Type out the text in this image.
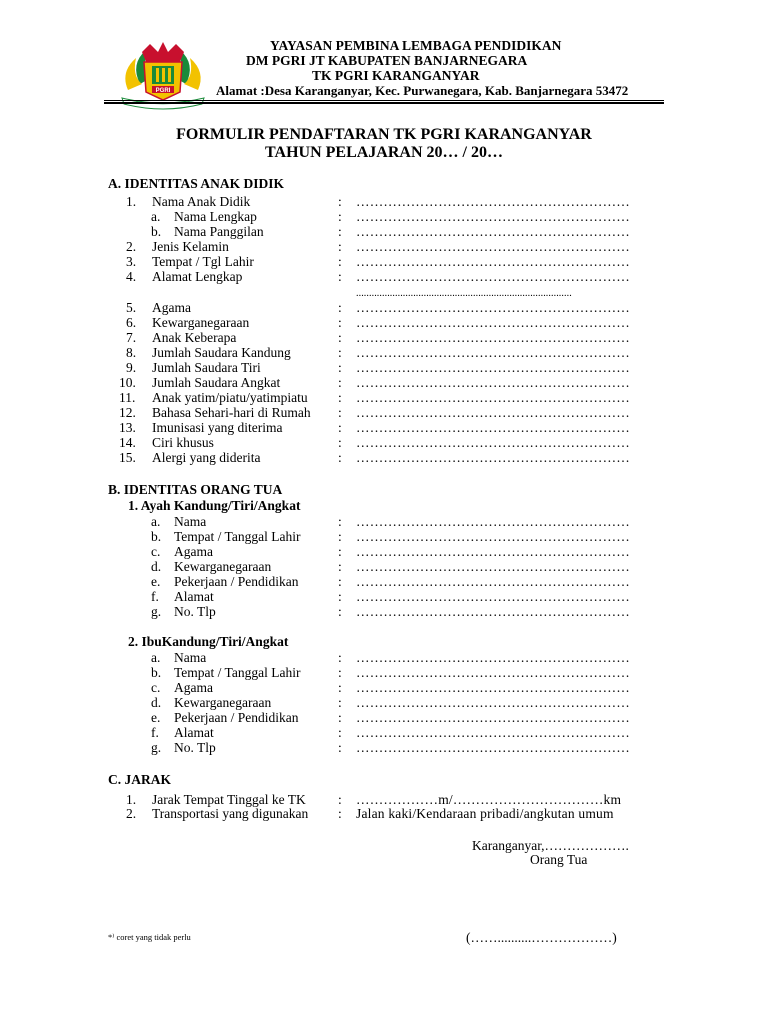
PGRI
YAYASAN PEMBINA LEMBAGA PENDIDIKAN
DM PGRI JT KABUPATEN BANJARNEGARA
TK PGRI KARANGANYAR
Alamat :Desa Karanganyar, Kec. Purwanegara, Kab. Banjarnegara 53472
FORMULIR PENDAFTARAN TK PGRI KARANGANYAR
TAHUN PELAJARAN 20… / 20…
A. IDENTITAS ANAK DIDIK
1. Nama Anak Didik	: ……………………………………………………
a. Nama Lengkap	: ……………………………………………………
b. Nama Panggilan	: ……………………………………………………
2. Jenis Kelamin	: ……………………………………………………
3. Tempat / Tgl Lahir	: ……………………………………………………
4. Alamat Lengkap	: ……………………………………………………
...................................................................................
5. Agama	: ……………………………………………………
6. Kewarganegaraan	: ……………………………………………………
7. Anak Keberapa	: ……………………………………………………
8. Jumlah Saudara Kandung	: ……………………………………………………
9. Jumlah Saudara Tiri	: ……………………………………………………
10. Jumlah Saudara Angkat	: ……………………………………………………
11. Anak yatim/piatu/yatimpiatu : ……………………………………………………
12. Bahasa Sehari-hari di Rumah : ……………………………………………………
13. Imunisasi yang diterima	: ……………………………………………………
14. Ciri khusus	: ……………………………………………………
15. Alergi yang diderita	: ……………………………………………………
B. IDENTITAS ORANG TUA
1. Ayah Kandung/Tiri/Angkat
a. Nama	: ……………………………………………………
b. Tempat / Tanggal Lahir	: ……………………………………………………
c. Agama	: ……………………………………………………
d. Kewarganegaraan	: ……………………………………………………
e. Pekerjaan / Pendidikan	: ……………………………………………………
f. Alamat	: ……………………………………………………
g. No. Tlp	: ……………………………………………………
2. IbuKandung/Tiri/Angkat
a. Nama	: ……………………………………………………
b. Tempat / Tanggal Lahir	: ……………………………………………………
c. Agama	: ……………………………………………………
d. Kewarganegaraan	: ……………………………………………………
e. Pekerjaan / Pendidikan	: ……………………………………………………
f. Alamat	: ……………………………………………………
g. No. Tlp	: ……………………………………………………
C. JARAK
1. Jarak Tempat Tinggal ke TK : ………………m/……………………………km
2. Transportasi yang digunakan : Jalan kaki/Kendaraan pribadi/angkutan umum
Karanganyar,……………….
Orang Tua
*⁾ coret yang tidak perlu	(……..........………………)
